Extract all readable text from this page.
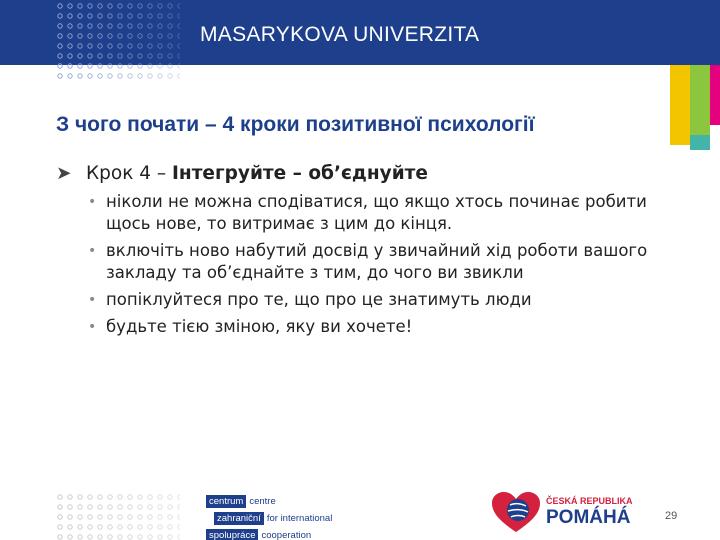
MASARYKOVA UNIVERZITA
З чого почати – 4 кроки позитивної психології
➤ Крок 4 – Інтегруйте – об’єднуйте
• ніколи не можна сподіватися, що якщо хтось починає робити щось нове, то витримає з цим до кінця.
• включіть ново набутий досвід у звичайний хід роботи вашого закладу та об’єднайте з тим, до чого ви звикли
• попіклуйтеся про те, що про це знатимуть люди
• будьте тією зміною, яку ви хочете!
centrum centre
zahraniční for international
spolupráce cooperation
ČESKÁ REPUBLIKA
POMÁHÁ	29
